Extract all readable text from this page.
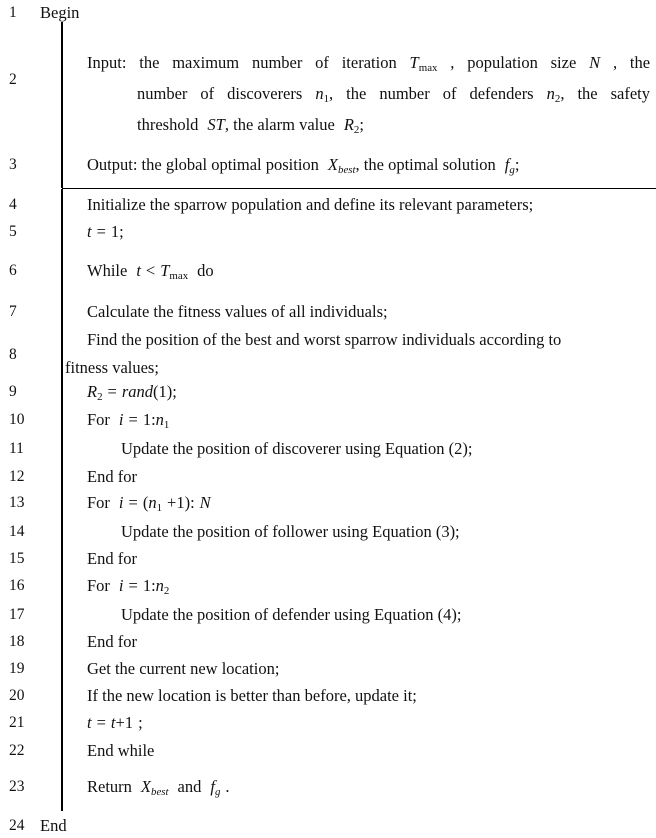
1	Begin
2
Input: the maximum number of iteration $T_{max}$ , population size N , the
number of discoverers $n_1$, the number of defenders $n_2$, the safety
threshold ST, the alarm value $R_2$;
3	Output: the global optimal position $X_{best}$, the optimal solution $f_g$;
4	Initialize the sparrow population and define its relevant parameters;
5	t = 1;
6	While $t < T_{max}$ do
7	Calculate the fitness values of all individuals;
8
Find the position of the best and worst sparrow individuals according to
fitness values;
9	$R_2$ = rand(1);
10	For $i = 1:n_1$
11	Update the position of discoverer using Equation (2);
12	End for
13	For $i = (n_1 +1)$: N
14	Update the position of follower using Equation (3);
15	End for
16	For $i = 1:n_2$
17	Update the position of defender using Equation (4);
18	End for
19	Get the current new location;
20	If the new location is better than before, update it;
21	t = t+1 ;
22	End while
23	Return $X_{best}$ and $f_g$ .
24 End
